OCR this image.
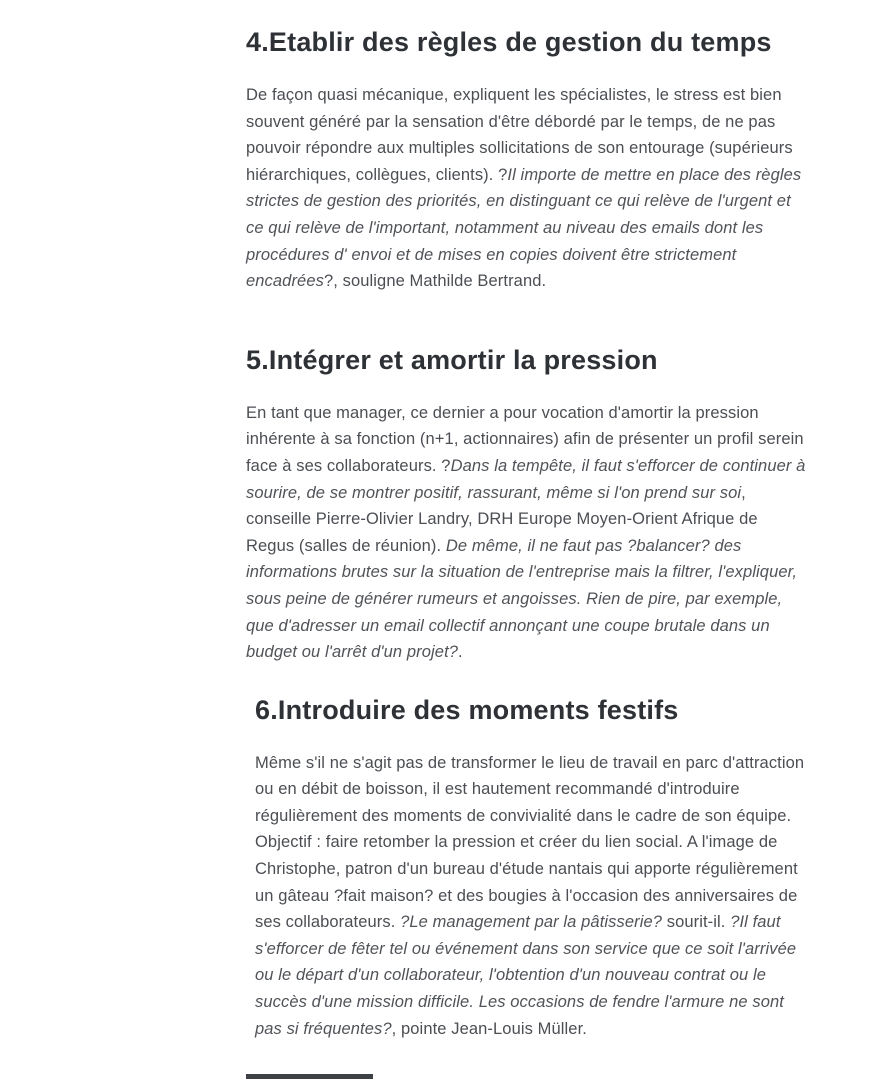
4.Etablir des règles de gestion du temps

De façon quasi mécanique, expliquent les spécialistes, le stress est bien souvent généré par la sensation d'être débordé par le temps, de ne pas pouvoir répondre aux multiples sollicitations de son entourage (supérieurs hiérarchiques, collègues, clients). ?Il importe de mettre en place des règles strictes de gestion des priorités, en distinguant ce qui relève de l'urgent et ce qui relève de l'important, notamment au niveau des emails dont les procédures d' envoi et de mises en copies doivent être strictement encadrées?, souligne Mathilde Bertrand.

5.Intégrer et amortir la pression

En tant que manager, ce dernier a pour vocation d'amortir la pression inhérente à sa fonction (n+1, actionnaires) afin de présenter un profil serein face à ses collaborateurs. ?Dans la tempête, il faut s'efforcer de continuer à sourire, de se montrer positif, rassurant, même si l'on prend sur soi, conseille Pierre-Olivier Landry, DRH Europe Moyen-Orient Afrique de Regus (salles de réunion). De même, il ne faut pas ?balancer? des informations brutes sur la situation de l'entreprise mais la filtrer, l'expliquer, sous peine de générer rumeurs et angoisses. Rien de pire, par exemple, que d'adresser un email collectif annonçant une coupe brutale dans un budget ou l'arrêt d'un projet?.

6.Introduire des moments festifs

Même s'il ne s'agit pas de transformer le lieu de travail en parc d'attraction ou en débit de boisson, il est hautement recommandé d'introduire régulièrement des moments de convivialité dans le cadre de son équipe. Objectif : faire retomber la pression et créer du lien social. A l'image de Christophe, patron d'un bureau d'étude nantais qui apporte régulièrement un gâteau ?fait maison? et des bougies à l'occasion des anniversaires de ses collaborateurs. ?Le management par la pâtisserie? sourit-il. ?Il faut s'efforcer de fêter tel ou événement dans son service que ce soit l'arrivée ou le départ d'un collaborateur, l'obtention d'un nouveau contrat ou le succès d'une mission difficile. Les occasions de fendre l'armure ne sont pas si fréquentes?, pointe Jean-Louis Müller.
